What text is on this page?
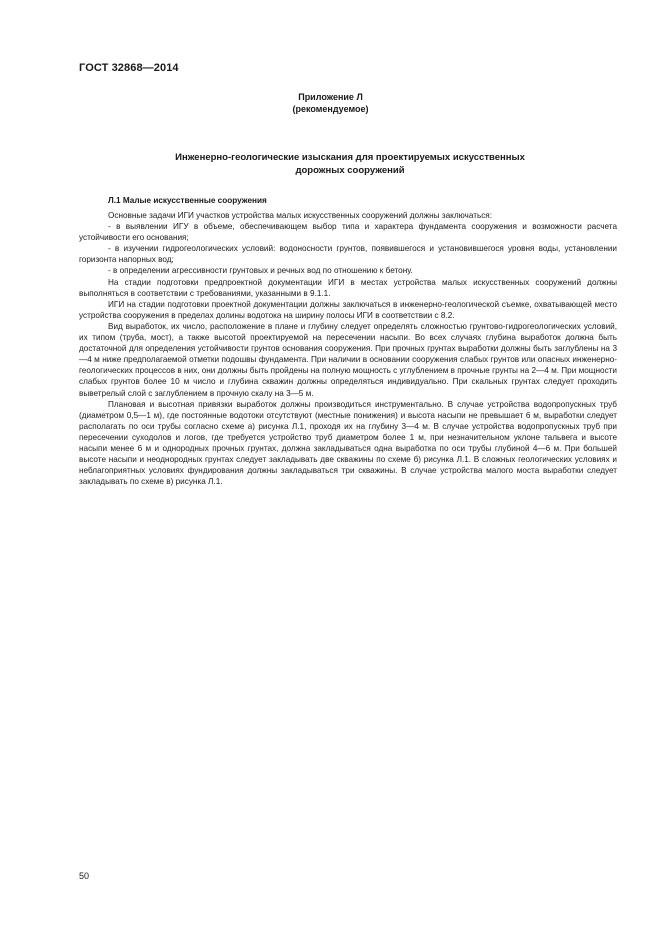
ГОСТ 32868—2014
Приложение Л
(рекомендуемое)
Инженерно-геологические изыскания для проектируемых искусственных
дорожных сооружений
Л.1 Малые искусственные сооружения

Основные задачи ИГИ участков устройства малых искусственных сооружений должны заключаться:

- в выявлении ИГУ в объеме, обеспечивающем выбор типа и характера фундамента сооружения и возможности расчета устойчивости его основания;

- в изучении гидрогеологических условий: водоносности грунтов, появившегося и установившегося уровня воды, установлении горизонта напорных вод;

- в определении агрессивности грунтовых и речных вод по отношению к бетону.

На стадии подготовки предпроектной документации ИГИ в местах устройства малых искусственных сооружений должны выполняться в соответствии с требованиями, указанными в 9.1.1.

ИГИ на стадии подготовки проектной документации должны заключаться в инженерно-геологической съемке, охватывающей место устройства сооружения в пределах долины водотока на ширину полосы ИГИ в соответствии с 8.2.

Вид выработок, их число, расположение в плане и глубину следует определять сложностью грунтово-гидрогеологических условий, их типом (труба, мост), а также высотой проектируемой на пересечении насыпи. Во всех случаях глубина выработок должна быть достаточной для определения устойчивости грунтов основания сооружения. При прочных грунтах выработки должны быть заглублены на 3—4 м ниже предполагаемой отметки подошвы фундамента. При наличии в основании сооружения слабых грунтов или опасных инженерно-геологических процессов в них, они должны быть пройдены на полную мощность с углублением в прочные грунты на 2—4 м. При мощности слабых грунтов более 10 м число и глубина скважин должны определяться индивидуально. При скальных грунтах следует проходить выветрелый слой с заглублением в прочную скалу на 3—5 м.

Плановая и высотная привязки выработок должны производиться инструментально. В случае устройства водопропускных труб (диаметром 0,5—1 м), где постоянные водотоки отсутствуют (местные понижения) и высота насыпи не превышает 6 м, выработки следует располагать по оси трубы согласно схеме а) рисунка Л.1, проходя их на глубину 3—4 м. В случае устройства водопропускных труб при пересечении суходолов и логов, где требуется устройство труб диаметром более 1 м, при незначительном уклоне тальвега и высоте насыпи менее 6 м и однородных прочных грунтах, должна закладываться одна выработка по оси трубы глубиной 4—6 м. При большей высоте насыпи и неоднородных грунтах следует закладывать две скважины по схеме б) рисунка Л.1. В сложных геологических условиях и неблагоприятных условиях фундирования должны закладываться три скважины. В случае устройства малого моста выработки следует закладывать по схеме в) рисунка Л.1.

50
